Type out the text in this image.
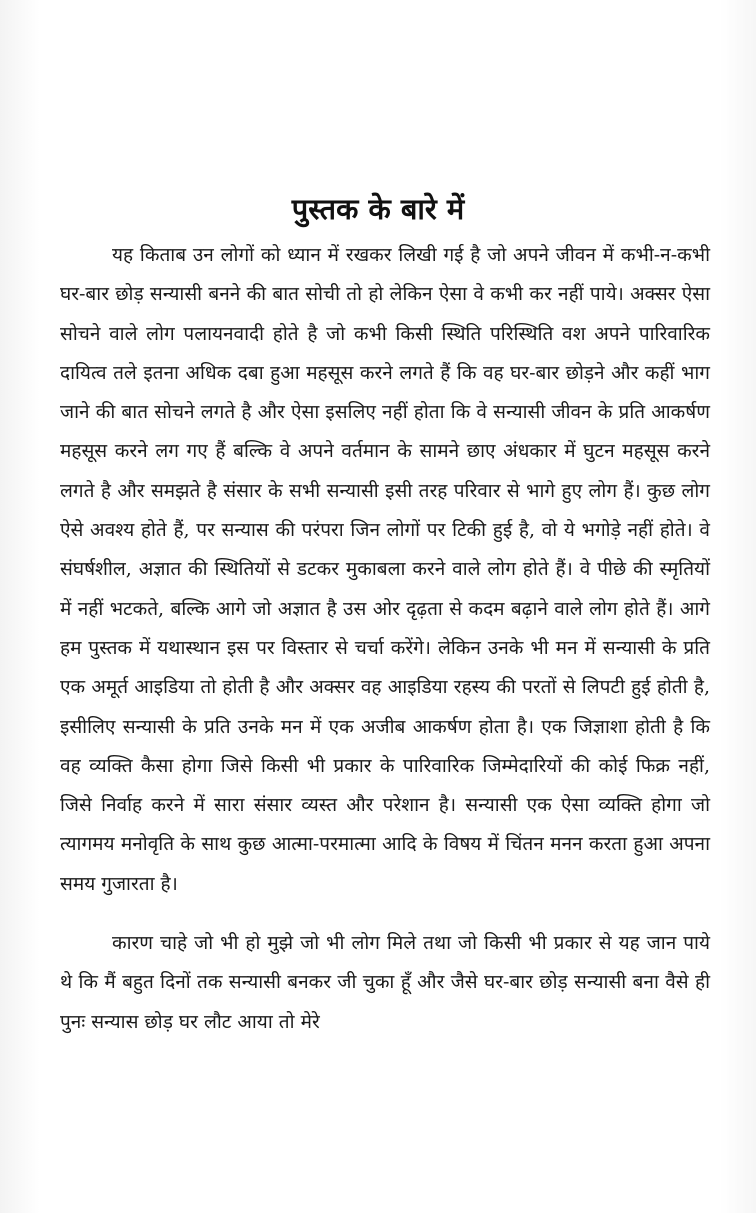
पुस्तक के बारे में

यह किताब उन लोगों को ध्यान में रखकर लिखी गई है जो अपने जीवन में कभी-न-कभी घर-बार छोड़ सन्यासी बनने की बात सोची तो हो लेकिन ऐसा वे कभी कर नहीं पाये। अक्सर ऐसा सोचने वाले लोग पलायनवादी होते है जो कभी किसी स्थिति परिस्थिति वश अपने पारिवारिक दायित्व तले इतना अधिक दबा हुआ महसूस करने लगते हैं कि वह घर-बार छोड़ने और कहीं भाग जाने की बात सोचने लगते है और ऐसा इसलिए नहीं होता कि वे सन्यासी जीवन के प्रति आकर्षण महसूस करने लग गए हैं बल्कि वे अपने वर्तमान के सामने छाए अंधकार में घुटन महसूस करने लगते है और समझते है संसार के सभी सन्यासी इसी तरह परिवार से भागे हुए लोग हैं। कुछ लोग ऐसे अवश्य होते हैं, पर सन्यास की परंपरा जिन लोगों पर टिकी हुई है, वो ये भगोड़े नहीं होते। वे संघर्षशील, अज्ञात की स्थितियों से डटकर मुकाबला करने वाले लोग होते हैं। वे पीछे की स्मृतियों में नहीं भटकते, बल्कि आगे जो अज्ञात है उस ओर दृढ़ता से कदम बढ़ाने वाले लोग होते हैं। आगे हम पुस्तक में यथास्थान इस पर विस्तार से चर्चा करेंगे। लेकिन उनके भी मन में सन्यासी के प्रति एक अमूर्त आइडिया तो होती है और अक्सर वह आइडिया रहस्य की परतों से लिपटी हुई होती है, इसीलिए सन्यासी के प्रति उनके मन में एक अजीब आकर्षण होता है। एक जिज्ञाशा होती है कि वह व्यक्ति कैसा होगा जिसे किसी भी प्रकार के पारिवारिक जिम्मेदारियों की कोई फिक्र नहीं, जिसे निर्वाह करने में सारा संसार व्यस्त और परेशान है। सन्यासी एक ऐसा व्यक्ति होगा जो त्यागमय मनोवृति के साथ कुछ आत्मा-परमात्मा आदि के विषय में चिंतन मनन करता हुआ अपना समय गुजारता है।

कारण चाहे जो भी हो मुझे जो भी लोग मिले तथा जो किसी भी प्रकार से यह जान पाये थे कि मैं बहुत दिनों तक सन्यासी बनकर जी चुका हूँ और जैसे घर-बार छोड़ सन्यासी बना वैसे ही पुनः सन्यास छोड़ घर लौट आया तो मेरे
